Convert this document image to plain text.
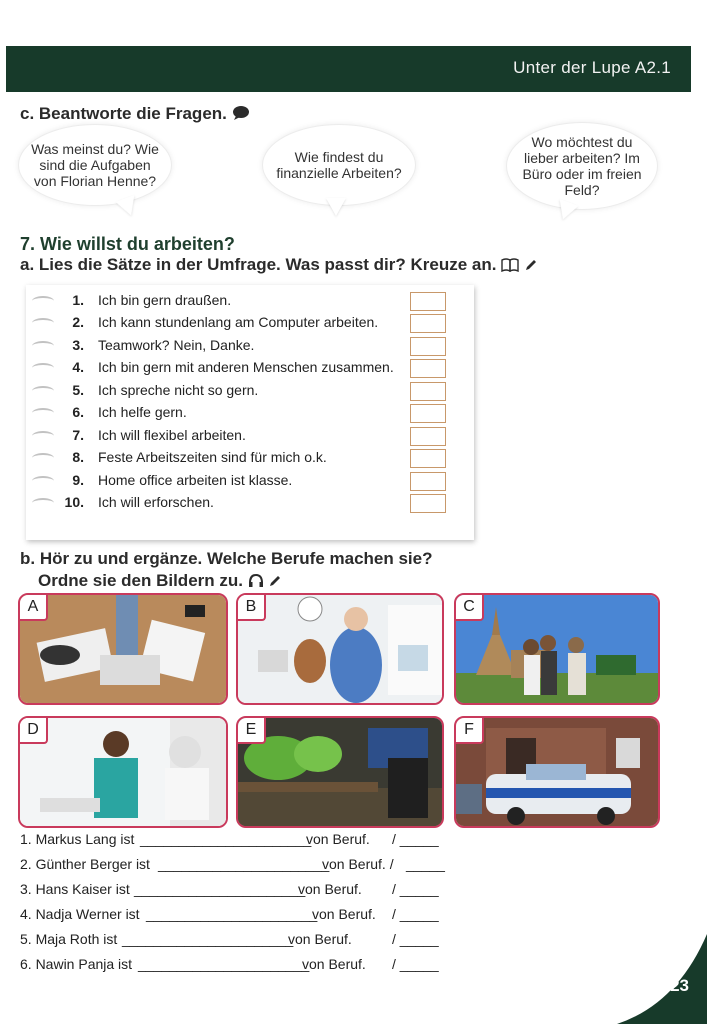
Unter der Lupe A2.1
c. Beantworte die Fragen.
Was meinst du? Wie sind die Aufgaben von Florian Henne?
Wie findest du finanzielle Arbeiten?
Wo möchtest du lieber arbeiten? Im Büro oder im freien Feld?
7. Wie willst du arbeiten?
a. Lies die Sätze in der Umfrage. Was passt dir? Kreuze an.
1. Ich bin gern draußen.
2. Ich kann stundenlang am Computer arbeiten.
3. Teamwork? Nein, Danke.
4. Ich bin gern mit anderen Menschen zusammen.
5. Ich spreche nicht so gern.
6. Ich helfe gern.
7. Ich will flexibel arbeiten.
8. Feste Arbeitszeiten sind für mich o.k.
9. Home office arbeiten ist klasse.
10. Ich will erforschen.
b. Hör zu und ergänze. Welche Berufe machen sie?
Ordne sie den Bildern zu.
A	B	C
D	E	F
1. Markus Lang ist ______________________
von Beruf. / _____
2. Günther Berger ist ______________________
von Beruf. / _____
3. Hans Kaiser ist ______________________
von Beruf. / _____
4. Nadja Werner ist ______________________
von Beruf. / _____
5. Maja Roth ist ______________________
von Beruf.	/ _____
6. Nawin Panja ist ______________________
von Beruf. / _____
23
